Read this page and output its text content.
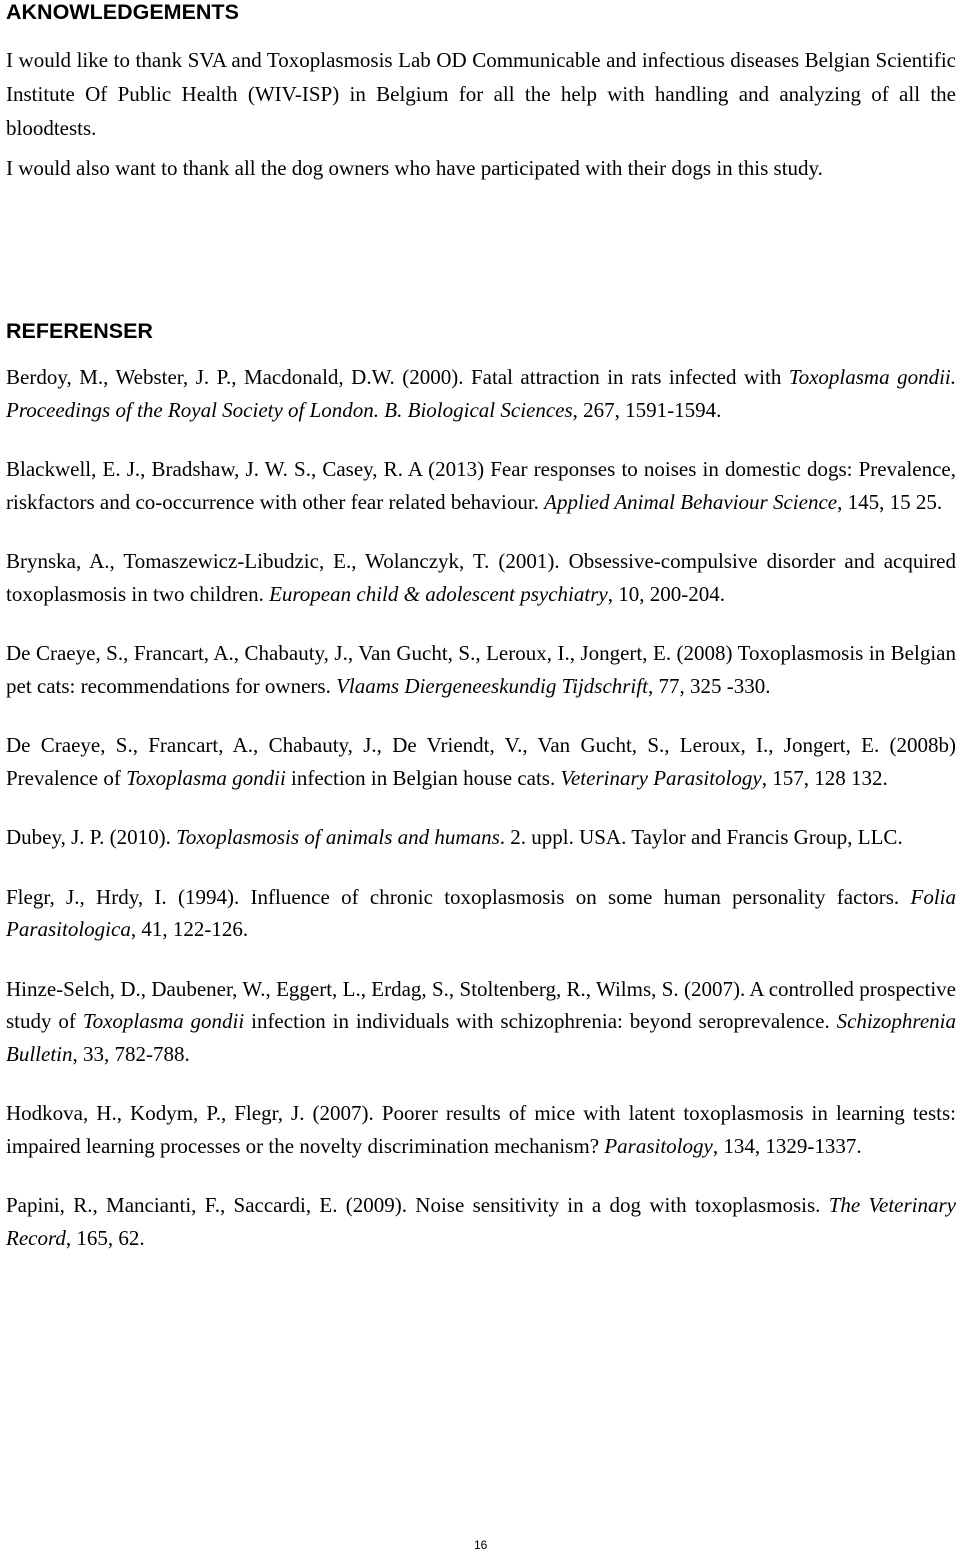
AKNOWLEDGEMENTS

I would like to thank SVA and Toxoplasmosis Lab OD Communicable and infectious diseases Belgian Scientific Institute Of Public Health (WIV-ISP) in Belgium for all the help with handling and analyzing of all the bloodtests.

I would also want to thank all the dog owners who have participated with their dogs in this study.

REFERENSER

Berdoy, M., Webster, J. P., Macdonald, D.W. (2000). Fatal attraction in rats infected with Toxoplasma gondii. Proceedings of the Royal Society of London. B. Biological Sciences, 267, 1591-1594.

Blackwell, E. J., Bradshaw, J. W. S., Casey, R. A (2013) Fear responses to noises in domestic dogs: Prevalence, riskfactors and co-occurrence with other fear related behaviour. Applied Animal Behaviour Science, 145, 15 25.

Brynska, A., Tomaszewicz-Libudzic, E., Wolanczyk, T. (2001). Obsessive-compulsive disorder and acquired toxoplasmosis in two children. European child & adolescent psychiatry, 10, 200-204.

De Craeye, S., Francart, A., Chabauty, J., Van Gucht, S., Leroux, I., Jongert, E. (2008) Toxoplasmosis in Belgian pet cats: recommendations for owners. Vlaams Diergeneeskundig Tijdschrift, 77, 325 -330.

De Craeye, S., Francart, A., Chabauty, J., De Vriendt, V., Van Gucht, S., Leroux, I., Jongert, E. (2008b) Prevalence of Toxoplasma gondii infection in Belgian house cats. Veterinary Parasitology, 157, 128 132.

Dubey, J. P. (2010). Toxoplasmosis of animals and humans. 2. uppl. USA. Taylor and Francis Group, LLC.

Flegr, J., Hrdy, I. (1994). Influence of chronic toxoplasmosis on some human personality factors. Folia Parasitologica, 41, 122-126.

Hinze-Selch, D., Daubener, W., Eggert, L., Erdag, S., Stoltenberg, R., Wilms, S. (2007). A controlled prospective study of Toxoplasma gondii infection in individuals with schizophrenia: beyond seroprevalence. Schizophrenia Bulletin, 33, 782-788.

Hodkova, H., Kodym, P., Flegr, J. (2007). Poorer results of mice with latent toxoplasmosis in learning tests: impaired learning processes or the novelty discrimination mechanism? Parasitology, 134, 1329-1337.

Papini, R., Mancianti, F., Saccardi, E. (2009). Noise sensitivity in a dog with toxoplasmosis. The Veterinary Record, 165, 62.

16
